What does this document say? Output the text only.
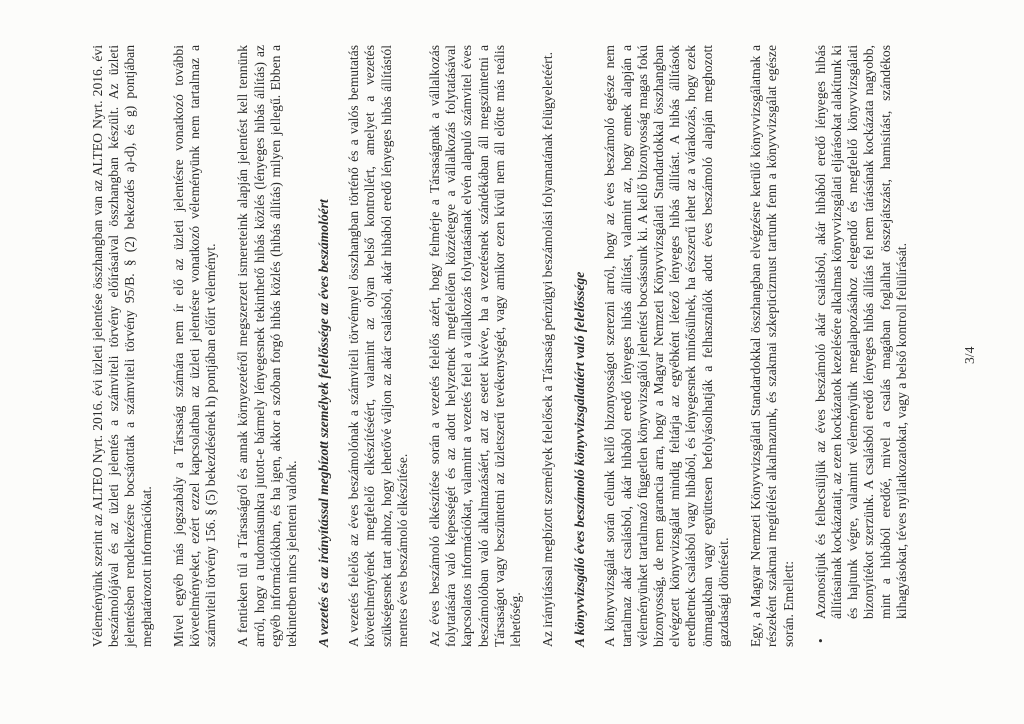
Véleményünk szerint az ALTEO Nyrt. 2016. évi üzleti jelentése összhangban van az ALTEO Nyrt. 2016. évi beszámolójával és az üzleti jelentés a számviteli törvény előírásaival összhangban készült. Az üzleti jelentésben rendelkezésre bocsátottak a számviteli törvény 95/B. § (2) bekezdés a)-d), és g) pontjában meghatározott információkat. Mivel egyéb más jogszabály a Társaság számára nem ír elő az üzleti jelentésre vonatkozó további követelményeket, ezért ezzel kapcsolatban az üzleti jelentésre vonatkozó véleményünk nem tartalmaz a számviteli törvény 156. § (5) bekezdésének h) pontjában előírt véleményt. A fentieken túl a Társaságról és annak környezetéről megszerzett ismereteink alapján jelentést kell tennünk arról, hogy a tudomásunkra jutott-e bármely lényegesnek tekinthető hibás közlés (lényeges hibás állítás) az egyéb információkban, és ha igen, akkor a szóban forgó hibás közlés (hibás állítás) milyen jellegű. Ebben a tekintetben nincs jelenteni valónk. A vezetés és az irányítással megbízott személyek felelőssége az éves beszámolóért A vezetés felelős az éves beszámolónak a számviteli törvénnyel összhangban történő és a valós bemutatás követelményének megfelelő elkészítéséért, valamint az olyan belső kontrollért, amelyet a vezetés szükségesnek tart ahhoz, hogy lehetővé váljon az akár csalásból, akár hibából eredő lényeges hibás állítástól mentes éves beszámoló elkészítése. Az éves beszámoló elkészítése során a vezetés felelős azért, hogy felmérje a Társaságnak a vállalkozás folytatására való képességét és az adott helyzetnek megfelelően közzétegye a vállalkozás folytatásával kapcsolatos információkat, valamint a vezetés felel a vállalkozás folytatásának elvén alapuló számvitel éves beszámolóban való alkalmazásáért, azt az esetet kivéve, ha a vezetésnek szándékában áll megszüntetni a Társaságot vagy beszüntetni az üzletszerű tevékenységét, vagy amikor ezen kívül nem áll előtte más reális lehetőség. Az irányítással megbízott személyek felelősek a Társaság pénzügyi beszámolási folyamatának felügyeletéért. A könyvvizsgáló éves beszámoló könyvvizsgálatáért való felelőssége A könyvvizsgálat során célunk kellő bizonyosságot szerezni arról, hogy az éves beszámoló egésze nem tartalmaz akár csalásból, akár hibából eredő lényeges hibás állítást, valamint az, hogy ennek alapján a véleményünket tartalmazó független könyvvizsgálói jelentést bocsássunk ki. A kellő bizonyosság magas fokú bizonyosság, de nem garancia arra, hogy a Magyar Nemzeti Könyvvizsgálati Standardokkal összhangban elvégzett könyvvizsgálat mindig feltárja az egyébként létező lényeges hibás állítást. A hibás állítások eredhetnek csalásból vagy hibából, és lényegesnek minősülnek, ha észszerű lehet az a várakozás, hogy ezek önmagukban vagy együttesen befolyásolhatják a felhasználók adott éves beszámoló alapján meghozott gazdasági döntéseit. Egy, a Magyar Nemzeti Könyvvizsgálati Standardokkal összhangban elvégzésre kerülő könyvvizsgálatnak a részeként szakmai megítélést alkalmazunk, és szakmai szkepticizmust tartunk fenn a könyvvizsgálat egésze során. Emellett: •
Azonosítjuk és felbecsüljük az éves beszámoló akár csalásból, akár hibából eredő lényeges hibás állításainak kockázatait, az ezen kockázatok kezelésére alkalmas könyvvizsgálati eljárásokat alakítunk ki és hajtunk végre, valamint véleményünk megalapozásához elegendő és megfelelő könyvvizsgálati bizonyítékot szerzünk. A csalásból eredő lényeges hibás állítás fel nem tárásának kockázata nagyobb, mint a hibából eredőé, mivel a csalás magában foglalhat összejátszást, hamisítást, szándékos kihagyásokat, téves nyilatkozatokat, vagy a belső kontroll felülírását.	3/4
